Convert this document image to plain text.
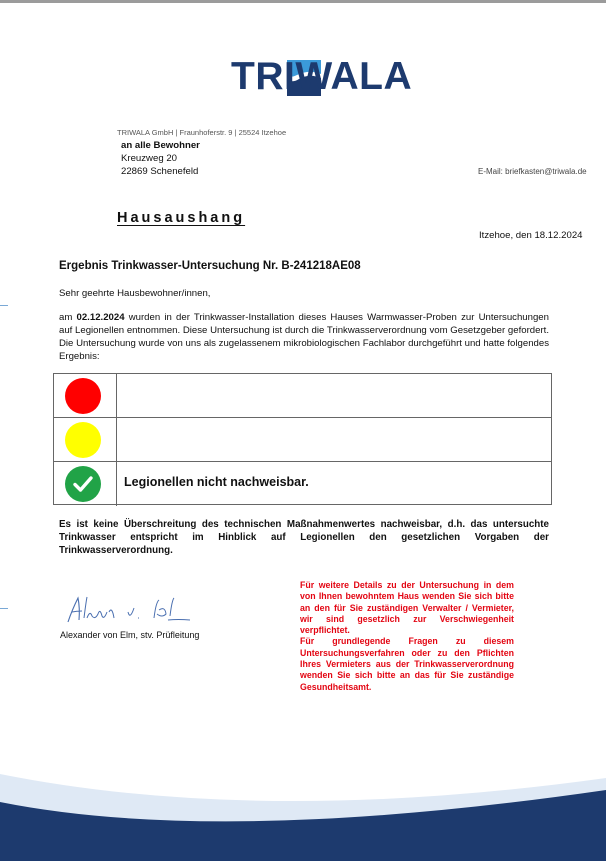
TRIWALA
TRIWALA GmbH | Fraunhoferstr. 9 | 25524 Itzehoe
an alle Bewohner
Kreuzweg 20
22869 Schenefeld	E-Mail: briefkasten@triwala.de
Hausaushang
Itzehoe, den 18.12.2024
Ergebnis Trinkwasser-Untersuchung Nr. B-241218AE08
Sehr geehrte Hausbewohner/innen,
am 02.12.2024 wurden in der Trinkwasser-Installation dieses Hauses Warmwasser-Proben zur Untersuchungen auf Legionellen entnommen. Diese Untersuchung ist durch die Trinkwasserverordnung vom Gesetzgeber gefordert. Die Untersuchung wurde von uns als zugelassenem mikrobiologischen Fachlabor durchgeführt und hatte folgendes Ergebnis:
Legionellen nicht nachweisbar.
Es ist keine Überschreitung des technischen Maßnahmenwertes nachweisbar, d.h. das untersuchte Trinkwasser entspricht im Hinblick auf Legionellen den gesetzlichen Vorgaben der Trinkwasserverordnung.
Alexander von Elm, stv. Prüfleitung

Für weitere Details zu der Untersuchung in dem von Ihnen bewohntem Haus wenden Sie sich bitte an den für Sie zuständigen Verwalter / Vermieter, wir sind gesetzlich zur Verschwiegenheit verpflichtet.

Für grundlegende Fragen zu diesem Untersuchungsverfahren oder zu den Pflichten Ihres Vermieters aus der Trinkwasserverordnung wenden Sie sich bitte an das für Sie zuständige Gesundheitsamt.
